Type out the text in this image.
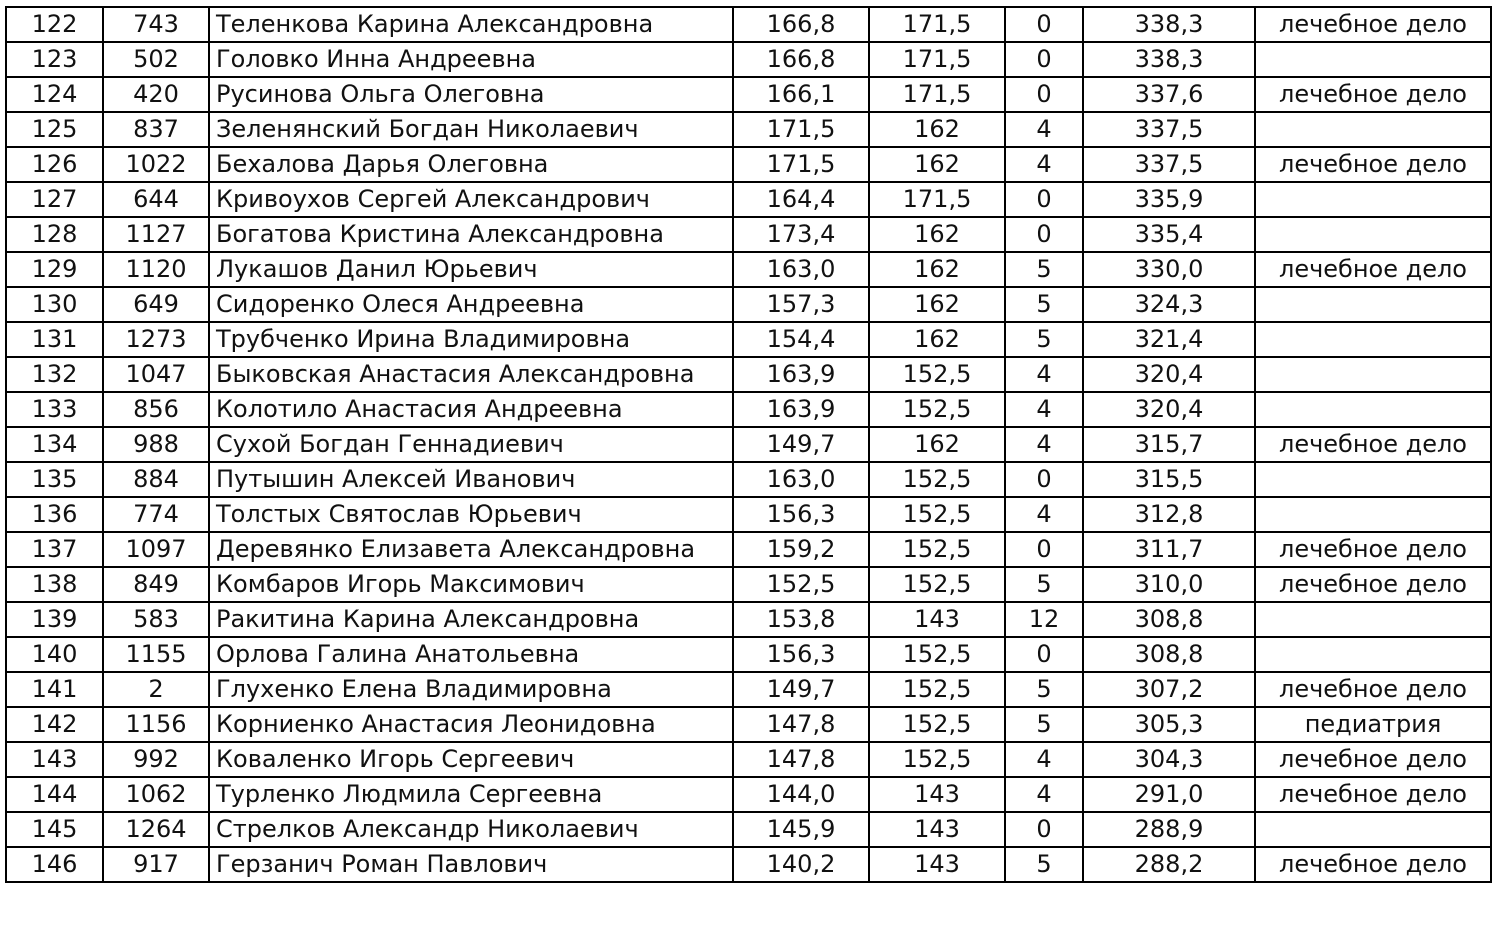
122	743	Теленкова Карина Александровна	166,8	171,5	0	338,3	лечебное дело
123	502	Головко Инна Андреевна	166,8	171,5	0	338,3	
124	420	Русинова Ольга Олеговна	166,1	171,5	0	337,6	лечебное дело
125	837	Зеленянский Богдан Николаевич	171,5	162	4	337,5	
126	1022	Бехалова Дарья Олеговна	171,5	162	4	337,5	лечебное дело
127	644	Кривоухов Сергей Александрович	164,4	171,5	0	335,9	
128	1127	Богатова Кристина Александровна	173,4	162	0	335,4	
129	1120	Лукашов Данил Юрьевич	163,0	162	5	330,0	лечебное дело
130	649	Сидоренко Олеся Андреевна	157,3	162	5	324,3	
131	1273	Трубченко Ирина Владимировна	154,4	162	5	321,4	
132	1047	Быковская Анастасия Александровна	163,9	152,5	4	320,4	
133	856	Колотило Анастасия Андреевна	163,9	152,5	4	320,4	
134	988	Сухой Богдан Геннадиевич	149,7	162	4	315,7	лечебное дело
135	884	Путышин Алексей Иванович	163,0	152,5	0	315,5	
136	774	Толстых Святослав Юрьевич	156,3	152,5	4	312,8	
137	1097	Деревянко Елизавета Александровна	159,2	152,5	0	311,7	лечебное дело
138	849	Комбаров Игорь Максимович	152,5	152,5	5	310,0	лечебное дело
139	583	Ракитина Карина Александровна	153,8	143	12	308,8	
140	1155	Орлова Галина Анатольевна	156,3	152,5	0	308,8	
141	2	Глухенко Елена Владимировна	149,7	152,5	5	307,2	лечебное дело
142	1156	Корниенко Анастасия Леонидовна	147,8	152,5	5	305,3	педиатрия
143	992	Коваленко Игорь Сергеевич	147,8	152,5	4	304,3	лечебное дело
144	1062	Турленко Людмила Сергеевна	144,0	143	4	291,0	лечебное дело
145	1264	Стрелков Александр Николаевич	145,9	143	0	288,9	
146	917	Герзанич Роман Павлович	140,2	143	5	288,2	лечебное дело
